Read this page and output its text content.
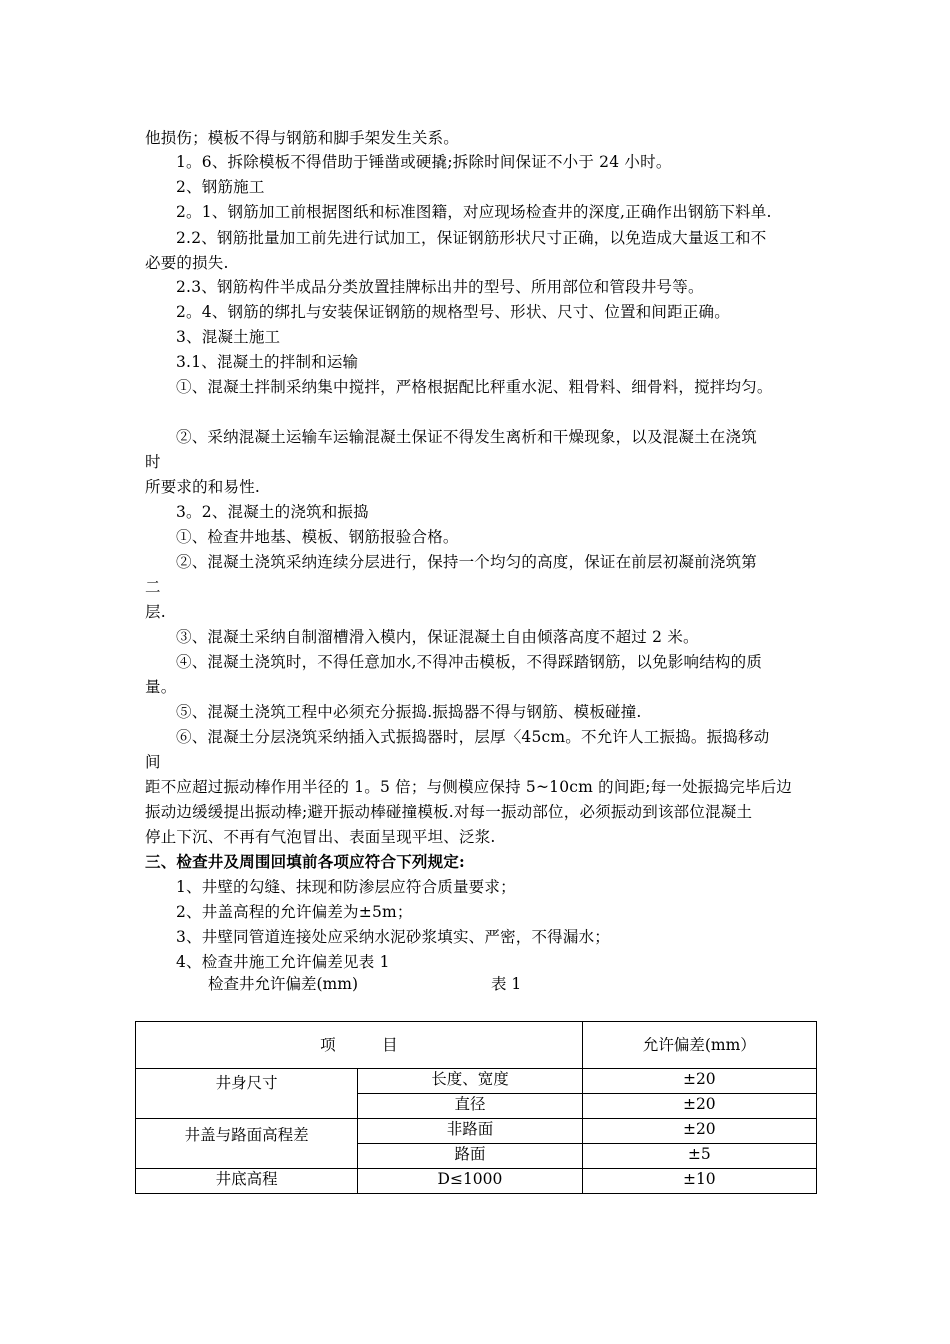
他损伤；模板不得与钢筋和脚手架发生关系。
1。6、拆除模板不得借助于锤凿或硬撬;拆除时间保证不小于 24 小时。
2、钢筋施工
2。1、钢筋加工前根据图纸和标准图籍，对应现场检查井的深度,正确作出钢筋下料单.
2.2、钢筋批量加工前先进行试加工，保证钢筋形状尺寸正确，以免造成大量返工和不
必要的损失.
2.3、钢筋构件半成品分类放置挂牌标出井的型号、所用部位和管段井号等。
2。4、钢筋的绑扎与安装保证钢筋的规格型号、形状、尺寸、位置和间距正确。
3、混凝土施工
3.1、混凝土的拌制和运输
①、混凝土拌制采纳集中搅拌，严格根据配比秤重水泥、粗骨料、细骨料，搅拌均匀。
②、采纳混凝土运输车运输混凝土保证不得发生离析和干燥现象，以及混凝土在浇筑
时
所要求的和易性.
3。2、混凝土的浇筑和振捣
①、检查井地基、模板、钢筋报验合格。
②、混凝土浇筑采纳连续分层进行，保持一个均匀的高度，保证在前层初凝前浇筑第
二
层.
③、混凝土采纳自制溜槽滑入模内，保证混凝土自由倾落高度不超过 2 米。
④、混凝土浇筑时，不得任意加水,不得冲击模板，不得踩踏钢筋，以免影响结构的质
量。
⑤、混凝土浇筑工程中必须充分振捣.振捣器不得与钢筋、模板碰撞.
⑥、混凝土分层浇筑采纳插入式振捣器时，层厚〈45cm。不允许人工振捣。振捣移动
间
距不应超过振动棒作用半径的 1。5 倍；与侧模应保持 5~10cm 的间距;每一处振捣完毕后边
振动边缓缓提出振动棒;避开振动棒碰撞模板.对每一振动部位，必须振动到该部位混凝土
停止下沉、不再有气泡冒出、表面呈现平坦、泛浆.
三、检查井及周围回填前各项应符合下列规定:
1、井壁的勾缝、抹现和防渗层应符合质量要求；
2、井盖高程的允许偏差为±5m；
3、井壁同管道连接处应采纳水泥砂浆填实、严密，不得漏水；
4、检查井施工允许偏差见表 1
检查井允许偏差(mm)	表 1
项　　　目		允许偏差(mm）
井身尺寸	长度、宽度	±20
	直径	±20
井盖与路面高程差	非路面	±20
	路面	±5
井底高程	D≤1000	±10
